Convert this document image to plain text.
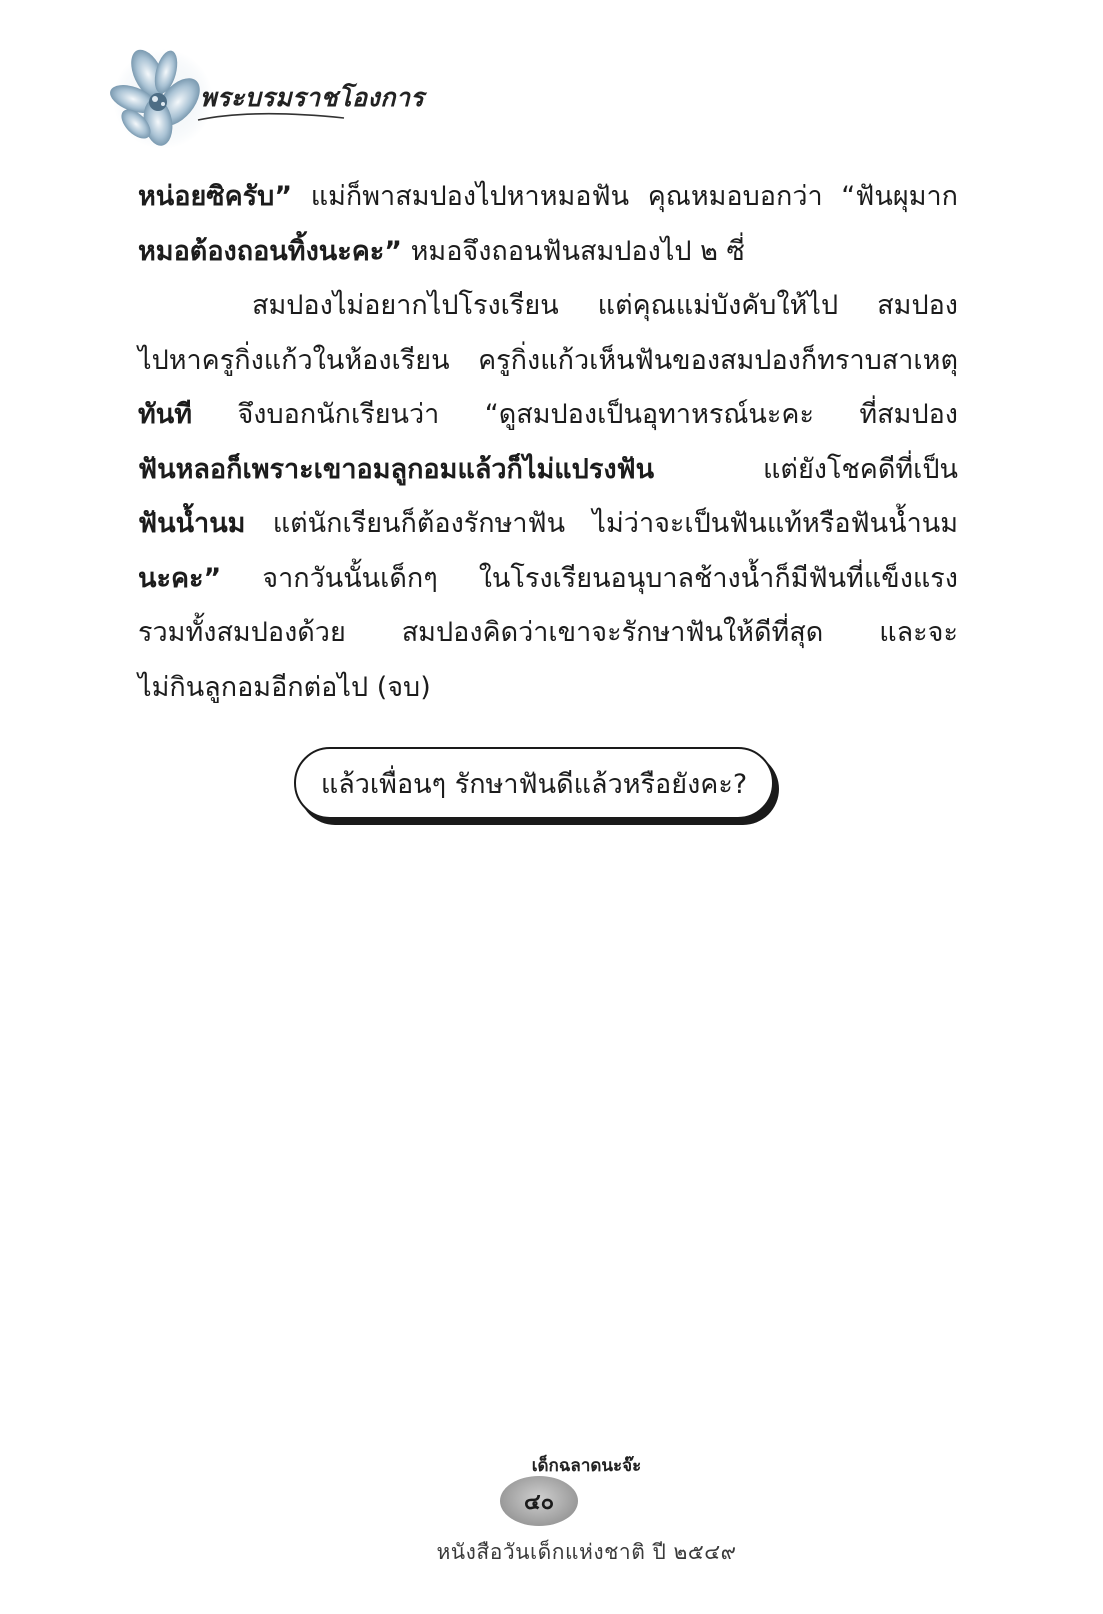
พระบรมราชโองการ
หน่อยซิครับ” แม่ก็พาสมปองไปหาหมอฟัน คุณหมอบอกว่า “ฟันผุมาก
หมอต้องถอนทิ้งนะคะ” หมอจึงถอนฟันสมปองไป ๒ ซี่
สมปองไม่อยากไปโรงเรียน แต่คุณแม่บังคับให้ไป สมปอง
ไปหาครูกิ่งแก้วในห้องเรียน ครูกิ่งแก้วเห็นฟันของสมปองก็ทราบสาเหตุ
ทันที จึงบอกนักเรียนว่า “ดูสมปองเป็นอุทาหรณ์นะคะ ที่สมปอง
ฟันหลอก็เพราะเขาอมลูกอมแล้วก็ไม่แปรงฟัน แต่ยังโชคดีที่เป็น
ฟันน้ำนม แต่นักเรียนก็ต้องรักษาฟัน ไม่ว่าจะเป็นฟันแท้หรือฟันน้ำนม
นะคะ” จากวันนั้นเด็กๆ ในโรงเรียนอนุบาลช้างน้ำก็มีฟันที่แข็งแรง
รวมทั้งสมปองด้วย สมปองคิดว่าเขาจะรักษาฟันให้ดีที่สุด และจะ
ไม่กินลูกอมอีกต่อไป (จบ)
แล้วเพื่อนๆ รักษาฟันดีแล้วหรือยังคะ?
เด็กฉลาดนะจ๊ะ
๔๐
หนังสือวันเด็กแห่งชาติ ปี ๒๕๔๙
